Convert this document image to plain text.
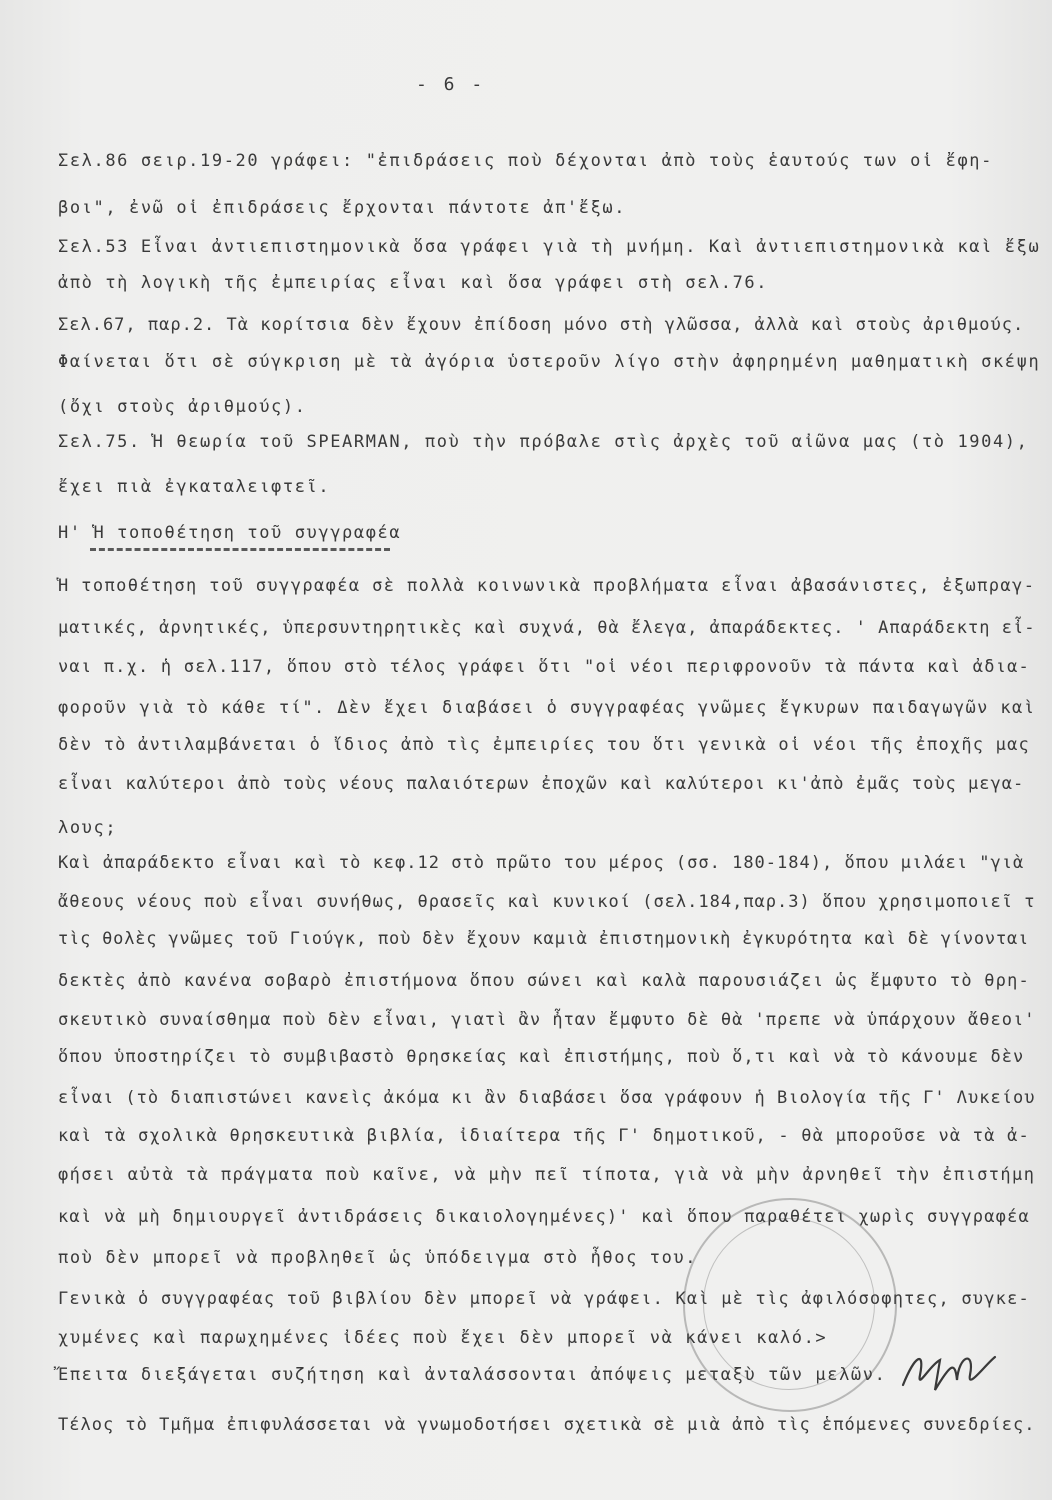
- 6 -
Σελ.86 σειρ.19-20 γράφει: "ἐπιδράσεις ποὺ δέχονται ἀπὸ τοὺς ἑαυτούς των οἱ ἔφη-
βοι", ἐνῶ οἱ ἐπιδράσεις ἔρχονται πάντοτε ἀπ'ἔξω.
Σελ.53 Εἶναι ἀντιεπιστημονικὰ ὅσα γράφει γιὰ τὴ μνήμη. Καὶ ἀντιεπιστημονικὰ καὶ ἔξω
ἀπὸ τὴ λογικὴ τῆς ἐμπειρίας εἶναι καὶ ὅσα γράφει στὴ σελ.76.
Σελ.67, παρ.2. Τὰ κορίτσια δὲν ἔχουν ἐπίδοση μόνο στὴ γλῶσσα, ἀλλὰ καὶ στοὺς ἀριθμούς.
Φαίνεται ὅτι σὲ σύγκριση μὲ τὰ ἀγόρια ὑστεροῦν λίγο στὴν ἀφηρημένη μαθηματικὴ σκέψη
(ὄχι στοὺς ἀριθμούς).
Σελ.75. Ἡ θεωρία τοῦ SPEARMAN, ποὺ τὴν πρόβαλε στὶς ἀρχὲς τοῦ αἰῶνα μας (τὸ 1904),
ἔχει πιὰ ἐγκαταλειφτεῖ.
Η' Ἡ τοποθέτηση τοῦ συγγραφέα
Ἡ τοποθέτηση τοῦ συγγραφέα σὲ πολλὰ κοινωνικὰ προβλήματα εἶναι ἀβασάνιστες, ἐξωπραγ-
ματικές, ἀρνητικές, ὑπερσυντηρητικὲς καὶ συχνά, θὰ ἔλεγα, ἀπαράδεκτες. ' Απαράδεκτη εἶ-
ναι π.χ. ἡ σελ.117, ὅπου στὸ τέλος γράφει ὅτι "οἱ νέοι περιφρονοῦν τὰ πάντα καὶ ἀδια-
φοροῦν γιὰ τὸ κάθε τί". Δὲν ἔχει διαβάσει ὁ συγγραφέας γνῶμες ἔγκυρων παιδαγωγῶν καὶ
δὲν τὸ ἀντιλαμβάνεται ὁ ἴδιος ἀπὸ τὶς ἐμπειρίες του ὅτι γενικὰ οἱ νέοι τῆς ἐποχῆς μας
εἶναι καλύτεροι ἀπὸ τοὺς νέους παλαιότερων ἐποχῶν καὶ καλύτεροι κι'ἀπὸ ἐμᾶς τοὺς μεγα-
λους;
Καὶ ἀπαράδεκτο εἶναι καὶ τὸ κεφ.12 στὸ πρῶτο του μέρος (σσ. 180-184), ὅπου μιλάει "γιὰ
ἄθεους νέους ποὺ εἶναι συνήθως, θρασεῖς καὶ κυνικοί (σελ.184,παρ.3) ὅπου χρησιμοποιεῖ τ
τὶς θολὲς γνῶμες τοῦ Γιούγκ, ποὺ δὲν ἔχουν καμιὰ ἐπιστημονικὴ ἐγκυρότητα καὶ δὲ γίνονται
δεκτὲς ἀπὸ κανένα σοβαρὸ ἐπιστήμονα ὅπου σώνει καὶ καλὰ παρουσιάζει ὡς ἔμφυτο τὸ θρη-
σκευτικὸ συναίσθημα ποὺ δὲν εἶναι, γιατὶ ἂν ἦταν ἔμφυτο δὲ θὰ 'πρεπε νὰ ὑπάρχουν ἄθεοι'
ὅπου ὑποστηρίζει τὸ συμβιβαστὸ θρησκείας καὶ ἐπιστήμης, ποὺ ὅ,τι καὶ νὰ τὸ κάνουμε δὲν
εἶναι (τὸ διαπιστώνει κανεὶς ἀκόμα κι ἂν διαβάσει ὅσα γράφουν ἡ Βιολογία τῆς Γ' Λυκείου
καὶ τὰ σχολικὰ θρησκευτικὰ βιβλία, ἰδιαίτερα τῆς Γ' δημοτικοῦ, - θὰ μποροῦσε νὰ τὰ ἀ-
φήσει αὐτὰ τὰ πράγματα ποὺ καῖνε, νὰ μὴν πεῖ τίποτα, γιὰ νὰ μὴν ἀρνηθεῖ τὴν ἐπιστήμη
καὶ νὰ μὴ δημιουργεῖ ἀντιδράσεις δικαιολογημένες)' καὶ ὅπου παραθέτει χωρὶς συγγραφέα
ποὺ δὲν μπορεῖ νὰ προβληθεῖ ὡς ὑπόδειγμα στὸ ἦθος του.
Γενικὰ ὁ συγγραφέας τοῦ βιβλίου δὲν μπορεῖ νὰ γράφει. Καὶ μὲ τὶς ἀφιλόσοφητες, συγκε-
χυμένες καὶ παρωχημένες ἰδέες ποὺ ἔχει δὲν μπορεῖ νὰ κάνει καλό.>
Ἔπειτα διεξάγεται συζήτηση καὶ ἀνταλάσσονται ἀπόψεις μεταξὺ τῶν μελῶν.
Τέλος τὸ Τμῆμα ἐπιφυλάσσεται νὰ γνωμοδοτήσει σχετικὰ σὲ μιὰ ἀπὸ τὶς ἑπόμενες συνεδρίες.
